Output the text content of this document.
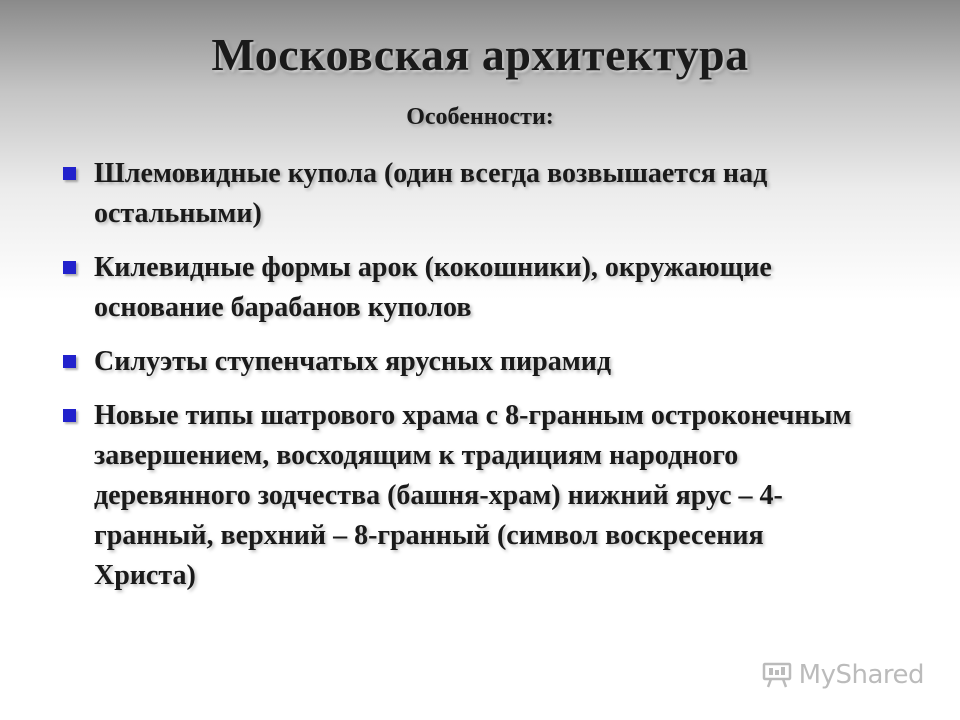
Московская архитектура
Особенности:
Шлемовидные купола (один всегда возвышается над остальными)
Килевидные формы арок (кокошники), окружающие основание барабанов куполов
Силуэты ступенчатых ярусных пирамид
Новые типы шатрового храма с 8-гранным остроконечным завершением, восходящим к традициям народного деревянного зодчества (башня-храм) нижний ярус – 4-гранный, верхний – 8-гранный (символ воскресения Христа)
MyShared
